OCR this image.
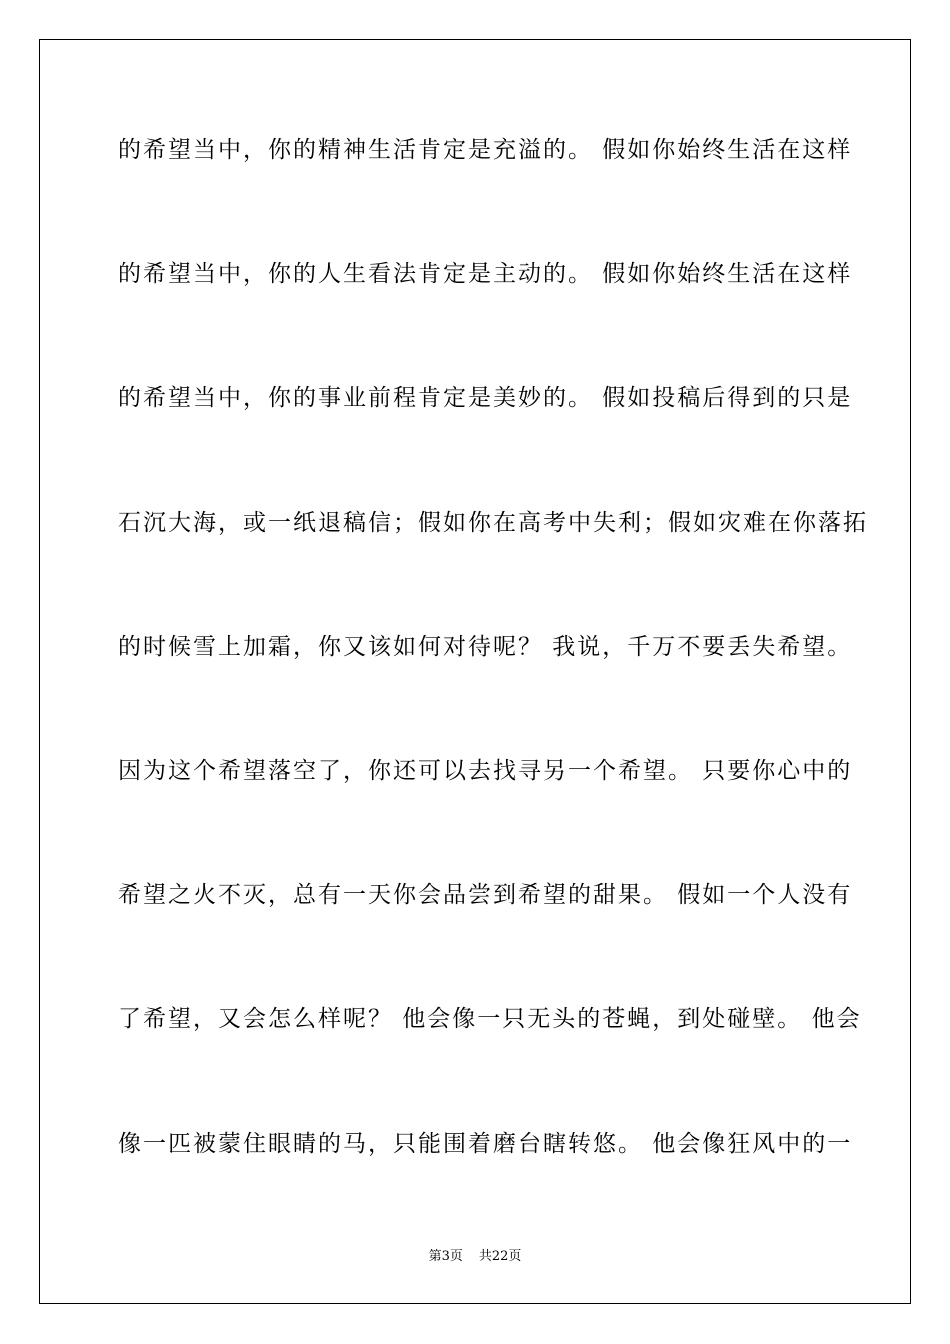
的希望当中，你的精神生活肯定是充溢的。 假如你始终生活在这样
的希望当中，你的人生看法肯定是主动的。 假如你始终生活在这样
的希望当中，你的事业前程肯定是美妙的。 假如投稿后得到的只是
石沉大海，或一纸退稿信；假如你在高考中失利；假如灾难在你落拓
的时候雪上加霜，你又该如何对待呢？ 我说，千万不要丢失希望。
因为这个希望落空了，你还可以去找寻另一个希望。 只要你心中的
希望之火不灭，总有一天你会品尝到希望的甜果。 假如一个人没有
了希望，又会怎么样呢？ 他会像一只无头的苍蝇，到处碰壁。 他会
像一匹被蒙住眼睛的马，只能围着磨台瞎转悠。 他会像狂风中的一
第3页 共22页
